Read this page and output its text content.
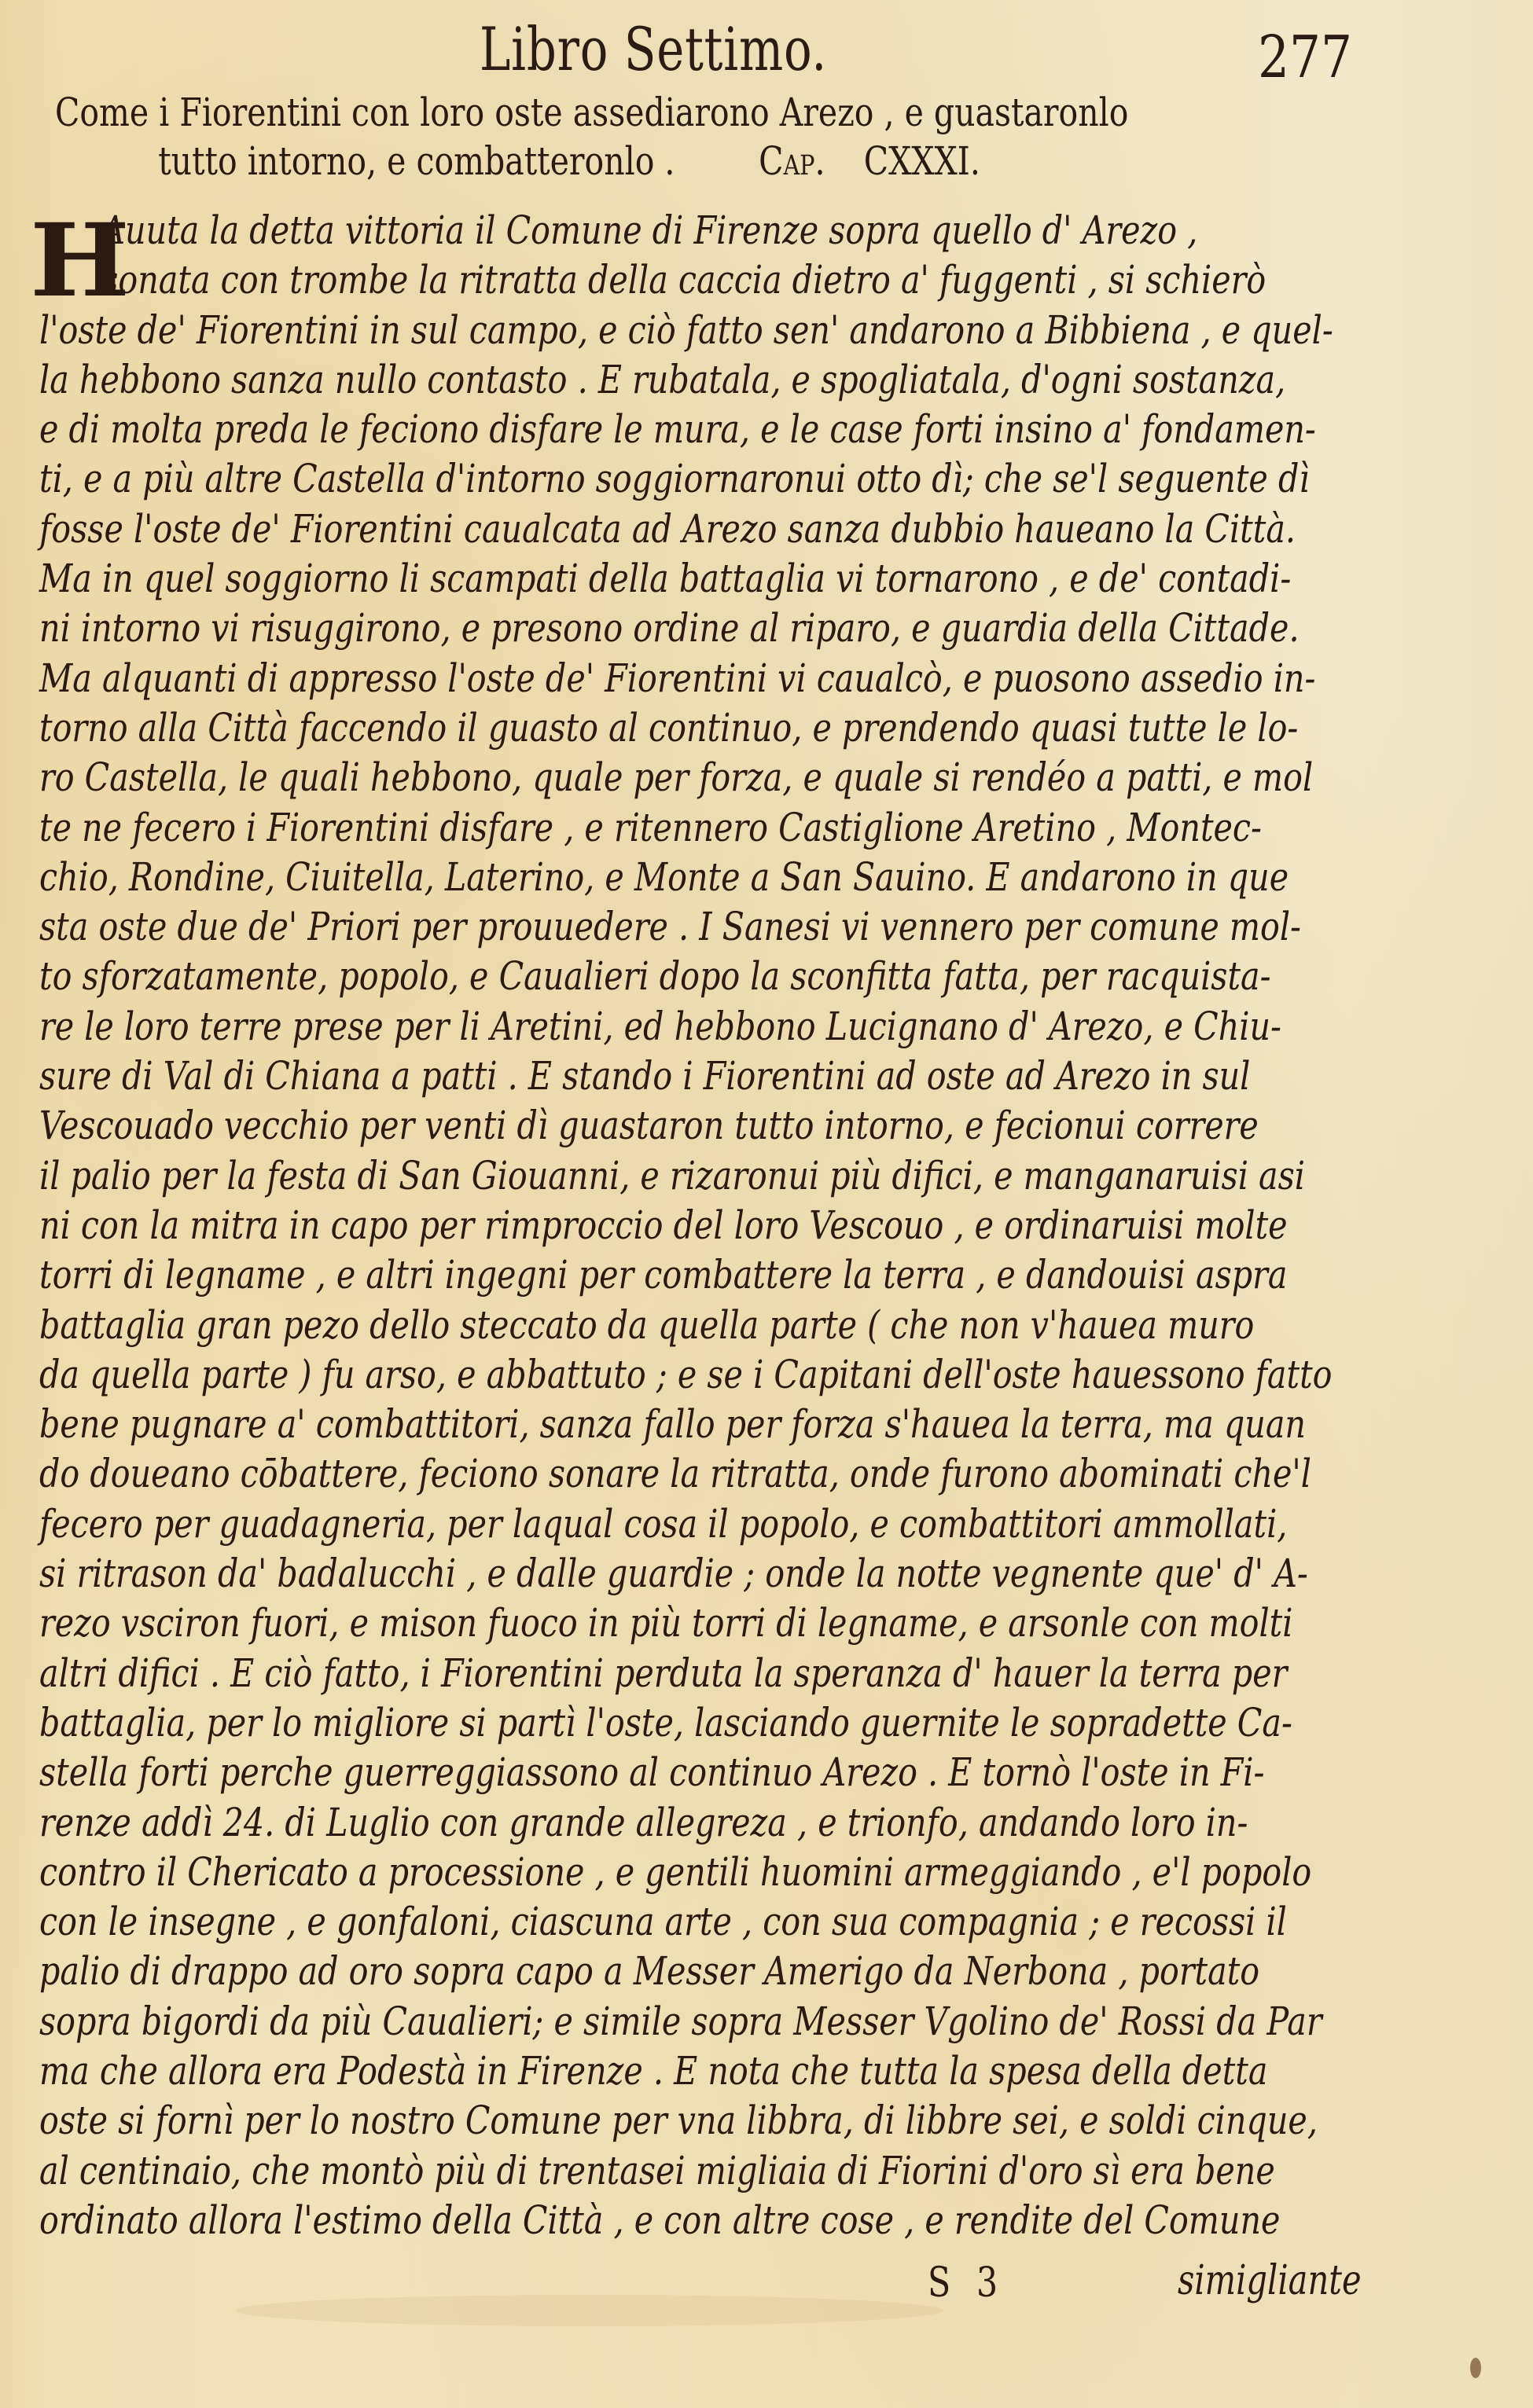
Libro Settimo.	277
Come i Fiorentini con loro oste assediarono Arezo , e guastaronlo
tutto intorno, e combatteronlo . Cap. CXXXI.
H
Auuta la detta vittoria il Comune di Firenze sopra quello d' Arezo ,
sonata con trombe la ritratta della caccia dietro a' fuggenti , si schierò
l'oste de' Fiorentini in sul campo, e ciò fatto sen' andarono a Bibbiena , e quel-
la hebbono sanza nullo contasto . E rubatala, e spogliatala, d'ogni sostanza,
e di molta preda le feciono disfare le mura, e le case forti insino a' fondamen-
ti, e a più altre Castella d'intorno soggiornaronui otto dì; che se'l seguente dì
fosse l'oste de' Fiorentini caualcata ad Arezo sanza dubbio haueano la Città.
Ma in quel soggiorno li scampati della battaglia vi tornarono , e de' contadi-
ni intorno vi risuggirono, e presono ordine al riparo, e guardia della Cittade.
Ma alquanti di appresso l'oste de' Fiorentini vi caualcò, e puosono assedio in-
torno alla Città faccendo il guasto al continuo, e prendendo quasi tutte le lo-
ro Castella, le quali hebbono, quale per forza, e quale si rendéo a patti, e mol
te ne fecero i Fiorentini disfare , e ritennero Castiglione Aretino , Montec-
chio, Rondine, Ciuitella, Laterino, e Monte a San Sauino. E andarono in que
sta oste due de' Priori per prouuedere . I Sanesi vi vennero per comune mol-
to sforzatamente, popolo, e Caualieri dopo la sconfitta fatta, per racquista-
re le loro terre prese per li Aretini, ed hebbono Lucignano d' Arezo, e Chiu-
sure di Val di Chiana a patti . E stando i Fiorentini ad oste ad Arezo in sul
Vescouado vecchio per venti dì guastaron tutto intorno, e fecionui correre
il palio per la festa di San Giouanni, e rizaronui più difici, e manganaruisi asi
ni con la mitra in capo per rimproccio del loro Vescouo , e ordinaruisi molte
torri di legname , e altri ingegni per combattere la terra , e dandouisi aspra
battaglia gran pezo dello steccato da quella parte ( che non v'hauea muro
da quella parte ) fu arso, e abbattuto ; e se i Capitani dell'oste hauessono fatto
bene pugnare a' combattitori, sanza fallo per forza s'hauea la terra, ma quan
do doueano cōbattere, feciono sonare la ritratta, onde furono abominati che'l
fecero per guadagneria, per laqual cosa il popolo, e combattitori ammollati,
si ritrason da' badalucchi , e dalle guardie ; onde la notte vegnente que' d' A-
rezo vsciron fuori, e mison fuoco in più torri di legname, e arsonle con molti
altri difici . E ciò fatto, i Fiorentini perduta la speranza d' hauer la terra per
battaglia, per lo migliore si partì l'oste, lasciando guernite le sopradette Ca-
stella forti perche guerreggiassono al continuo Arezo . E tornò l'oste in Fi-
renze addì 24. di Luglio con grande allegreza , e trionfo, andando loro in-
contro il Chericato a processione , e gentili huomini armeggiando , e'l popolo
con le insegne , e gonfaloni, ciascuna arte , con sua compagnia ; e recossi il
palio di drappo ad oro sopra capo a Messer Amerigo da Nerbona , portato
sopra bigordi da più Caualieri; e simile sopra Messer Vgolino de' Rossi da Par
ma che allora era Podestà in Firenze . E nota che tutta la spesa della detta
oste si fornì per lo nostro Comune per vna libbra, di libbre sei, e soldi cinque,
al centinaio, che montò più di trentasei migliaia di Fiorini d'oro sì era bene
ordinato allora l'estimo della Città , e con altre cose , e rendite del Comune
S 3	simigliante
